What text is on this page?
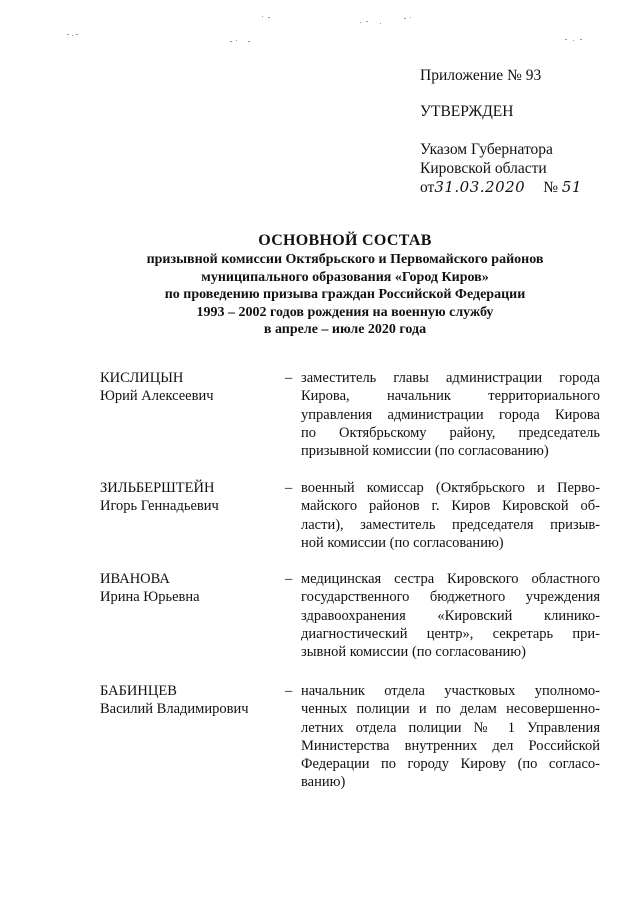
Приложение № 93
УТВЕРЖДЕН
Указом Губернатора
Кировской области
от31.03.2020 № 51
ОСНОВНОЙ СОСТАВ
призывной комиссии Октябрьского и Первомайского районов
муниципального образования «Город Киров»
по проведению призыва граждан Российской Федерации
1993 – 2002 годов рождения на военную службу
в апреле – июле 2020 года
КИСЛИЦЫН
Юрий Алексеевич
– заместитель главы администрации города
Кирова, начальник территориального
управления администрации города Кирова
по Октябрьскому району, председатель
призывной комиссии (по согласованию)
ЗИЛЬБЕРШТЕЙН
Игорь Геннадьевич
– военный комиссар (Октябрьского и Перво-
майского районов г. Киров Кировской об-
ласти), заместитель председателя призыв-
ной комиссии (по согласованию)
ИВАНОВА
Ирина Юрьевна
– медицинская сестра Кировского областного
государственного бюджетного учреждения
здравоохранения «Кировский клинико-
диагностический центр», секретарь при-
зывной комиссии (по согласованию)
БАБИНЦЕВ
Василий Владимирович
– начальник отдела участковых уполномо-
ченных полиции и по делам несовершенно-
летних отдела полиции № 1 Управления
Министерства внутренних дел Российской
Федерации по городу Кирову (по согласо-
ванию)
